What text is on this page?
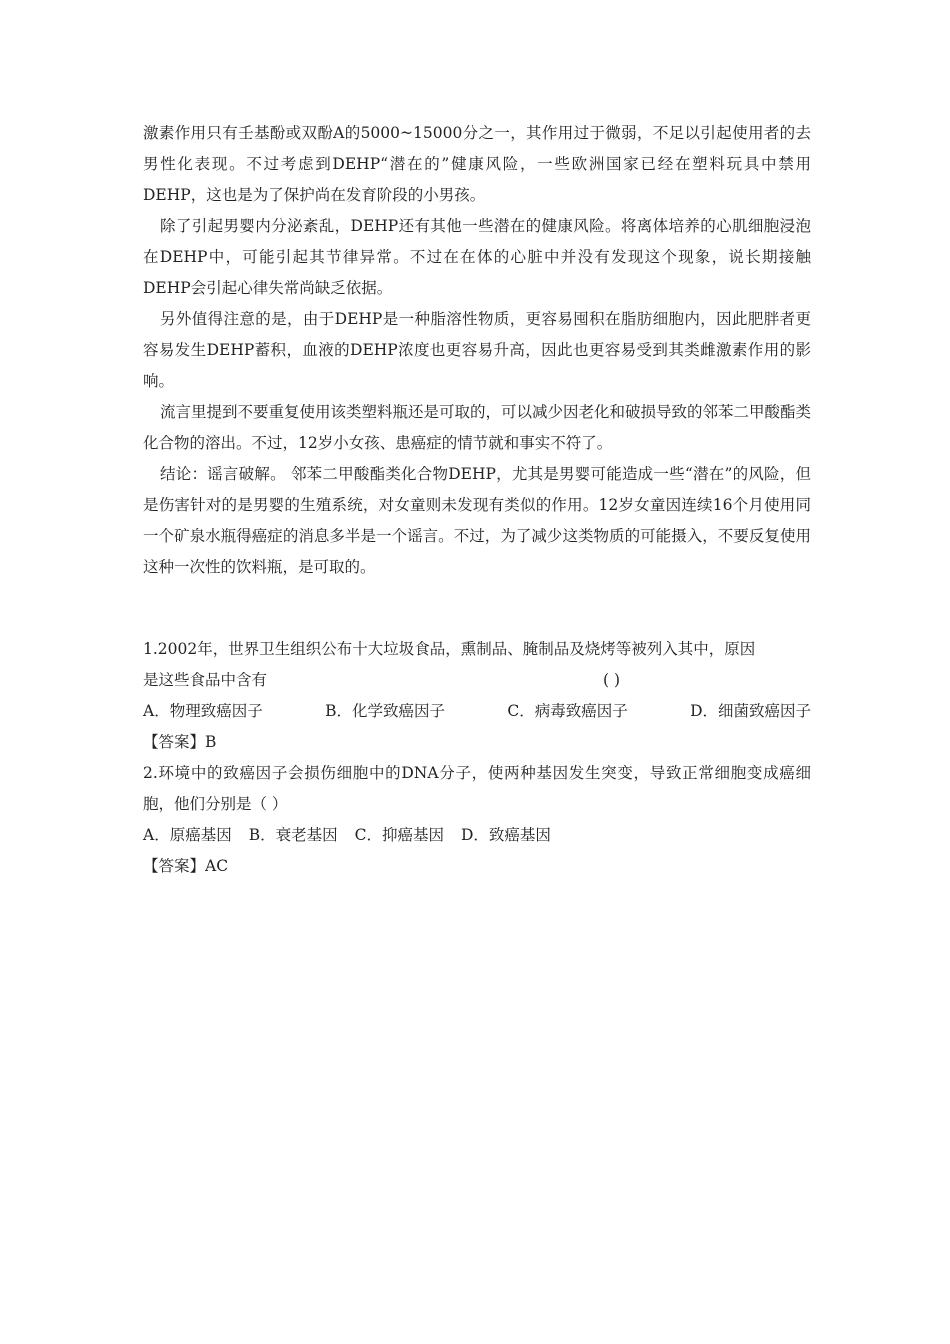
激素作用只有壬基酚或双酚A的5000~15000分之一，其作用过于微弱，不足以引起使用者的去男性化表现。不过考虑到DEHP“潜在的”健康风险，一些欧洲国家已经在塑料玩具中禁用DEHP，这也是为了保护尚在发育阶段的小男孩。

除了引起男婴内分泌紊乱，DEHP还有其他一些潜在的健康风险。将离体培养的心肌细胞浸泡在DEHP中，可能引起其节律异常。不过在在体的心脏中并没有发现这个现象，说长期接触DEHP会引起心律失常尚缺乏依据。

另外值得注意的是，由于DEHP是一种脂溶性物质，更容易囤积在脂肪细胞内，因此肥胖者更容易发生DEHP蓄积，血液的DEHP浓度也更容易升高，因此也更容易受到其类雌激素作用的影响。

流言里提到不要重复使用该类塑料瓶还是可取的，可以减少因老化和破损导致的邻苯二甲酸酯类化合物的溶出。不过，12岁小女孩、患癌症的情节就和事实不符了。

结论：谣言破解。 邻苯二甲酸酯类化合物DEHP，尤其是男婴可能造成一些“潜在”的风险，但是伤害针对的是男婴的生殖系统，对女童则未发现有类似的作用。12岁女童因连续16个月使用同一个矿泉水瓶得癌症的消息多半是一个谣言。不过，为了减少这类物质的可能摄入，不要反复使用这种一次性的饮料瓶，是可取的。

1.2002年，世界卫生组织公布十大垃圾食品，熏制品、腌制品及烧烤等被列入其中，原因

是这些食品中含有	( )
A．物理致癌因子	B．化学致癌因子	C．病毒致癌因子	D．细菌致癌因子
【答案】B

2.环境中的致癌因子会损伤细胞中的DNA分子，使两种基因发生突变，导致正常细胞变成癌细胞，他们分别是（ ）

A．原癌基因 B．衰老基因 C．抑癌基因 D．致癌基因
【答案】AC
